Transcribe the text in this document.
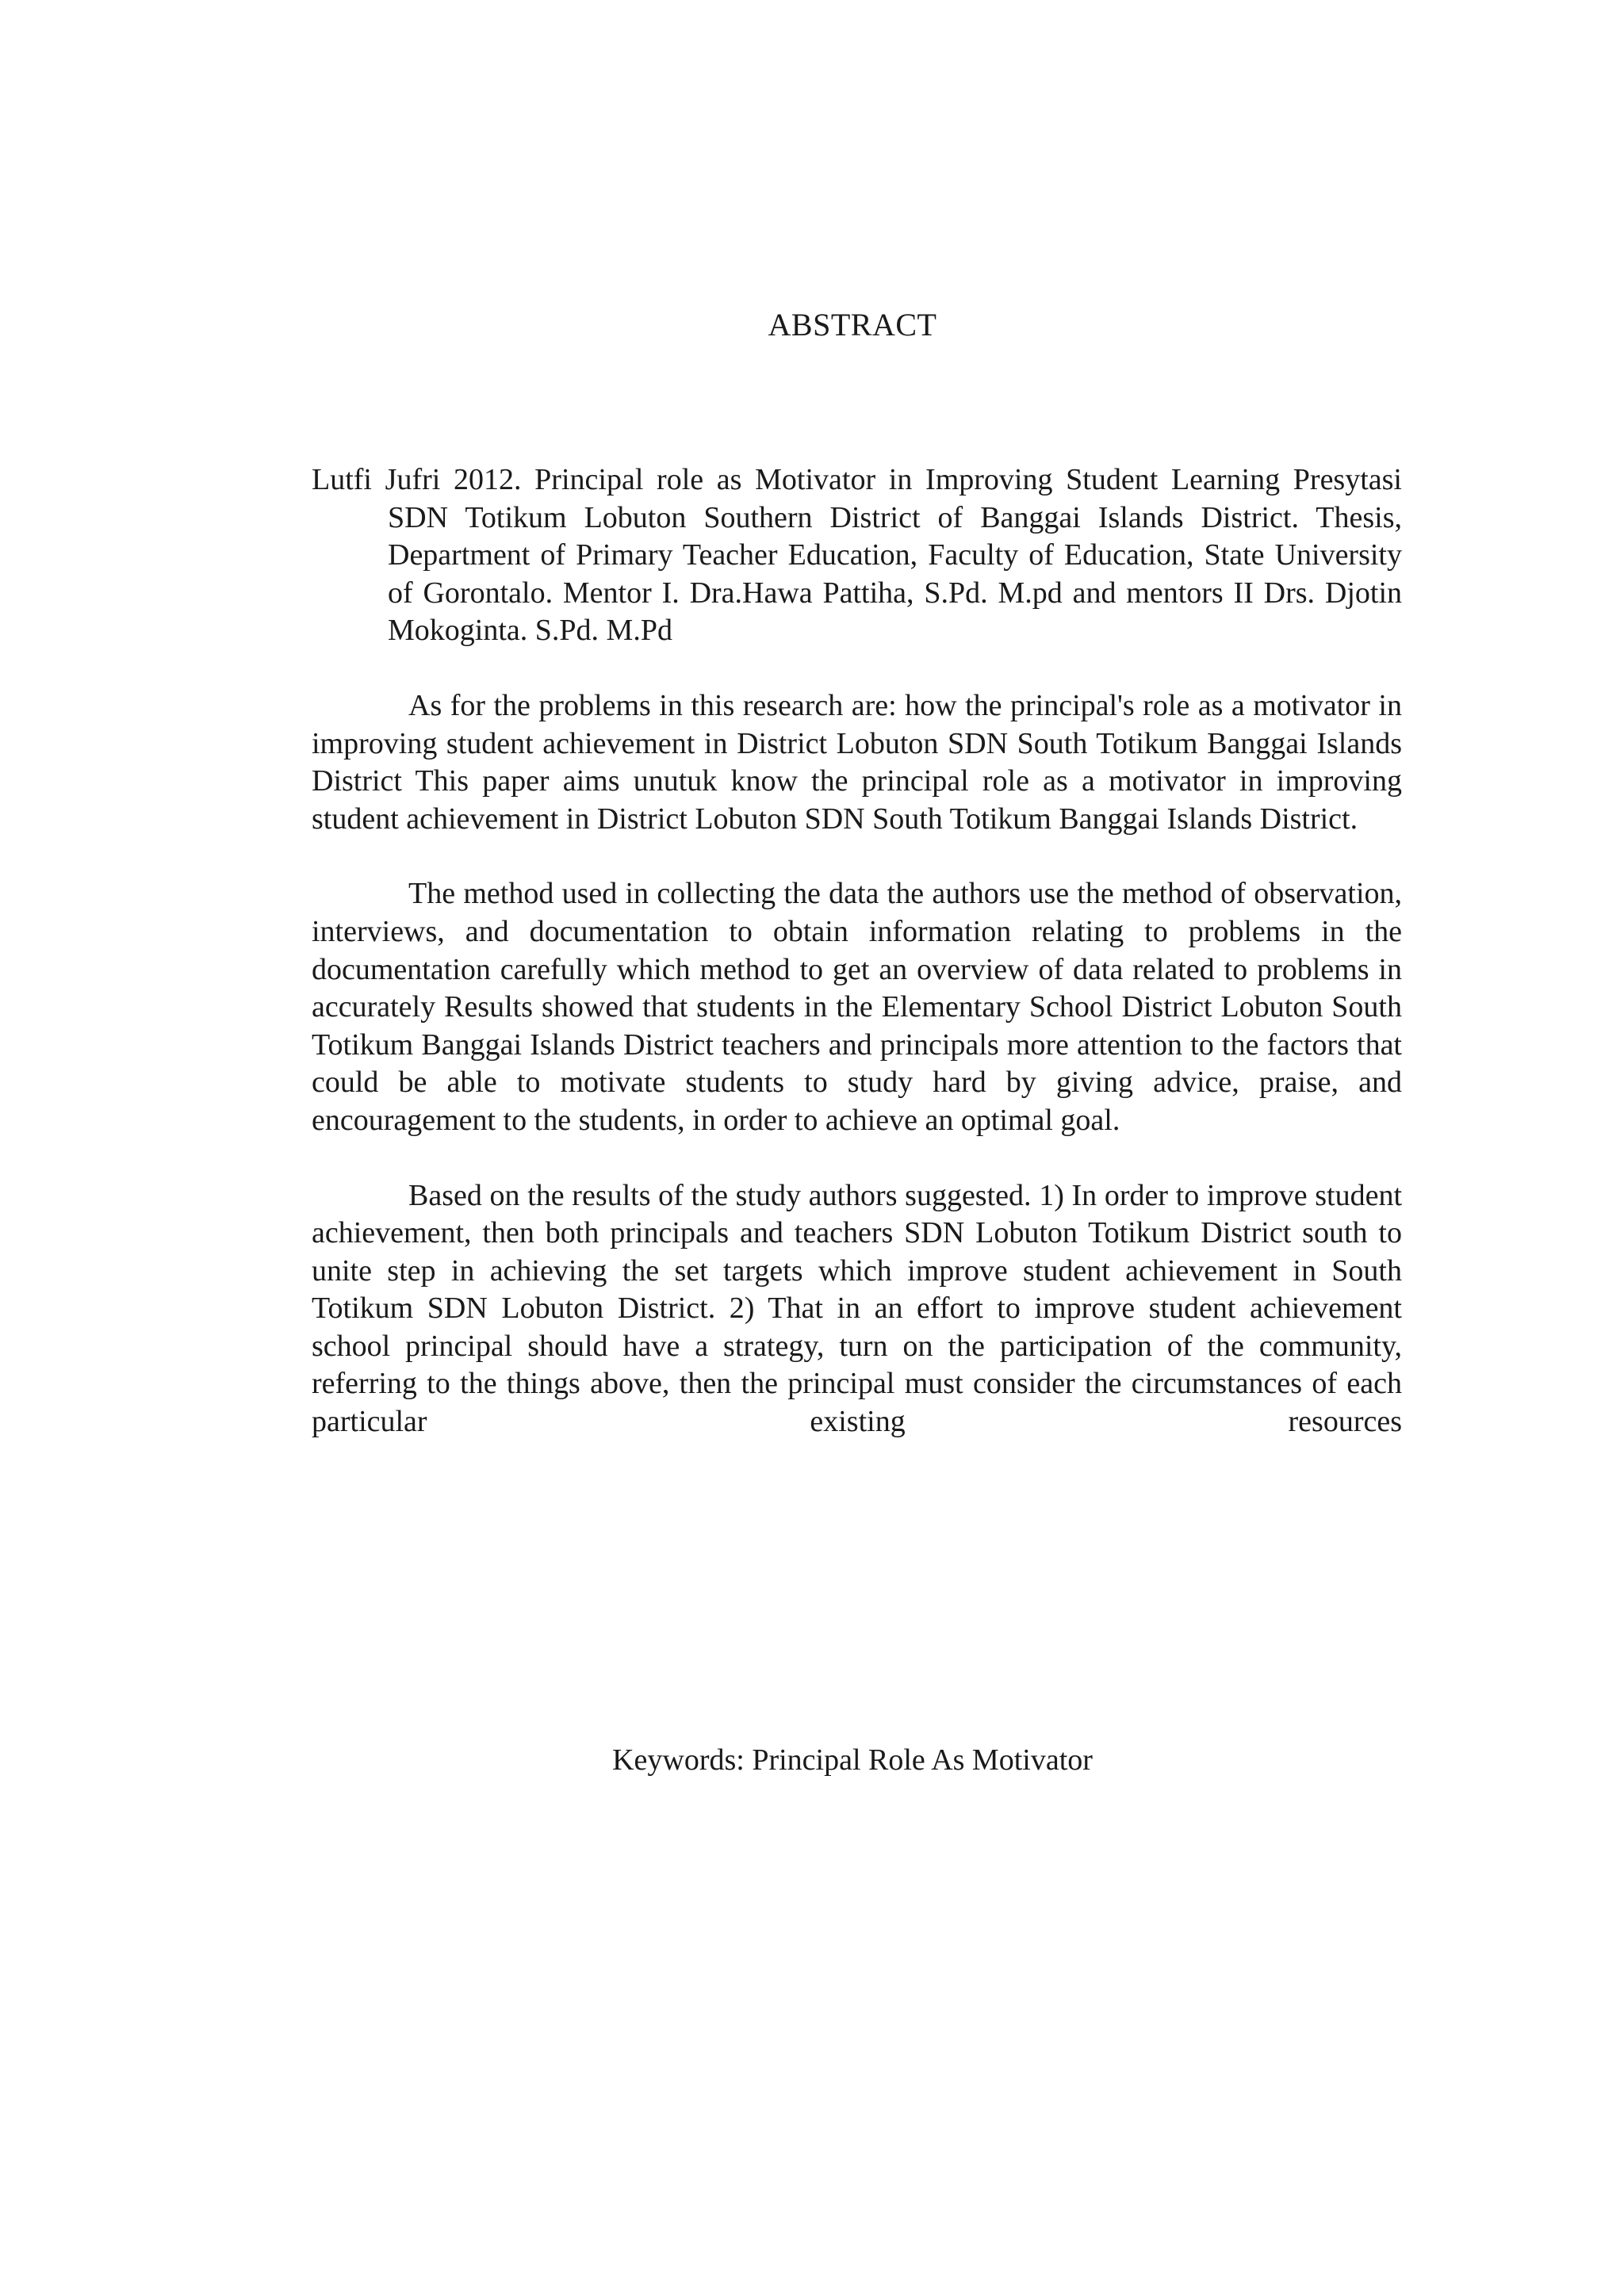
ABSTRACT

Lutfi Jufri 2012. Principal role as Motivator in Improving Student Learning Presytasi SDN Totikum Lobuton Southern District of Banggai Islands District. Thesis, Department of Primary Teacher Education, Faculty of Education, State University of Gorontalo. Mentor I. Dra.Hawa Pattiha, S.Pd. M.pd and mentors II Drs. Djotin Mokoginta. S.Pd. M.Pd

As for the problems in this research are: how the principal's role as a motivator in improving student achievement in District Lobuton SDN South Totikum Banggai Islands District This paper aims unutuk know the principal role as a motivator in improving student achievement in District Lobuton SDN South Totikum Banggai Islands District.

The method used in collecting the data the authors use the method of observation, interviews, and documentation to obtain information relating to problems in the documentation carefully which method to get an overview of data related to problems in accurately Results showed that students in the Elementary School District Lobuton South Totikum Banggai Islands District teachers and principals more attention to the factors that could be able to motivate students to study hard by giving advice, praise, and encouragement to the students, in order to achieve an optimal goal.

Based on the results of the study authors suggested. 1) In order to improve student achievement, then both principals and teachers SDN Lobuton Totikum District south to unite step in achieving the set targets which improve student achievement in South Totikum SDN Lobuton District. 2) That in an effort to improve student achievement school principal should have a strategy, turn on the participation of the community, referring to the things above, then the principal must consider the circumstances of each particular existing resources

Keywords: Principal Role As Motivator
